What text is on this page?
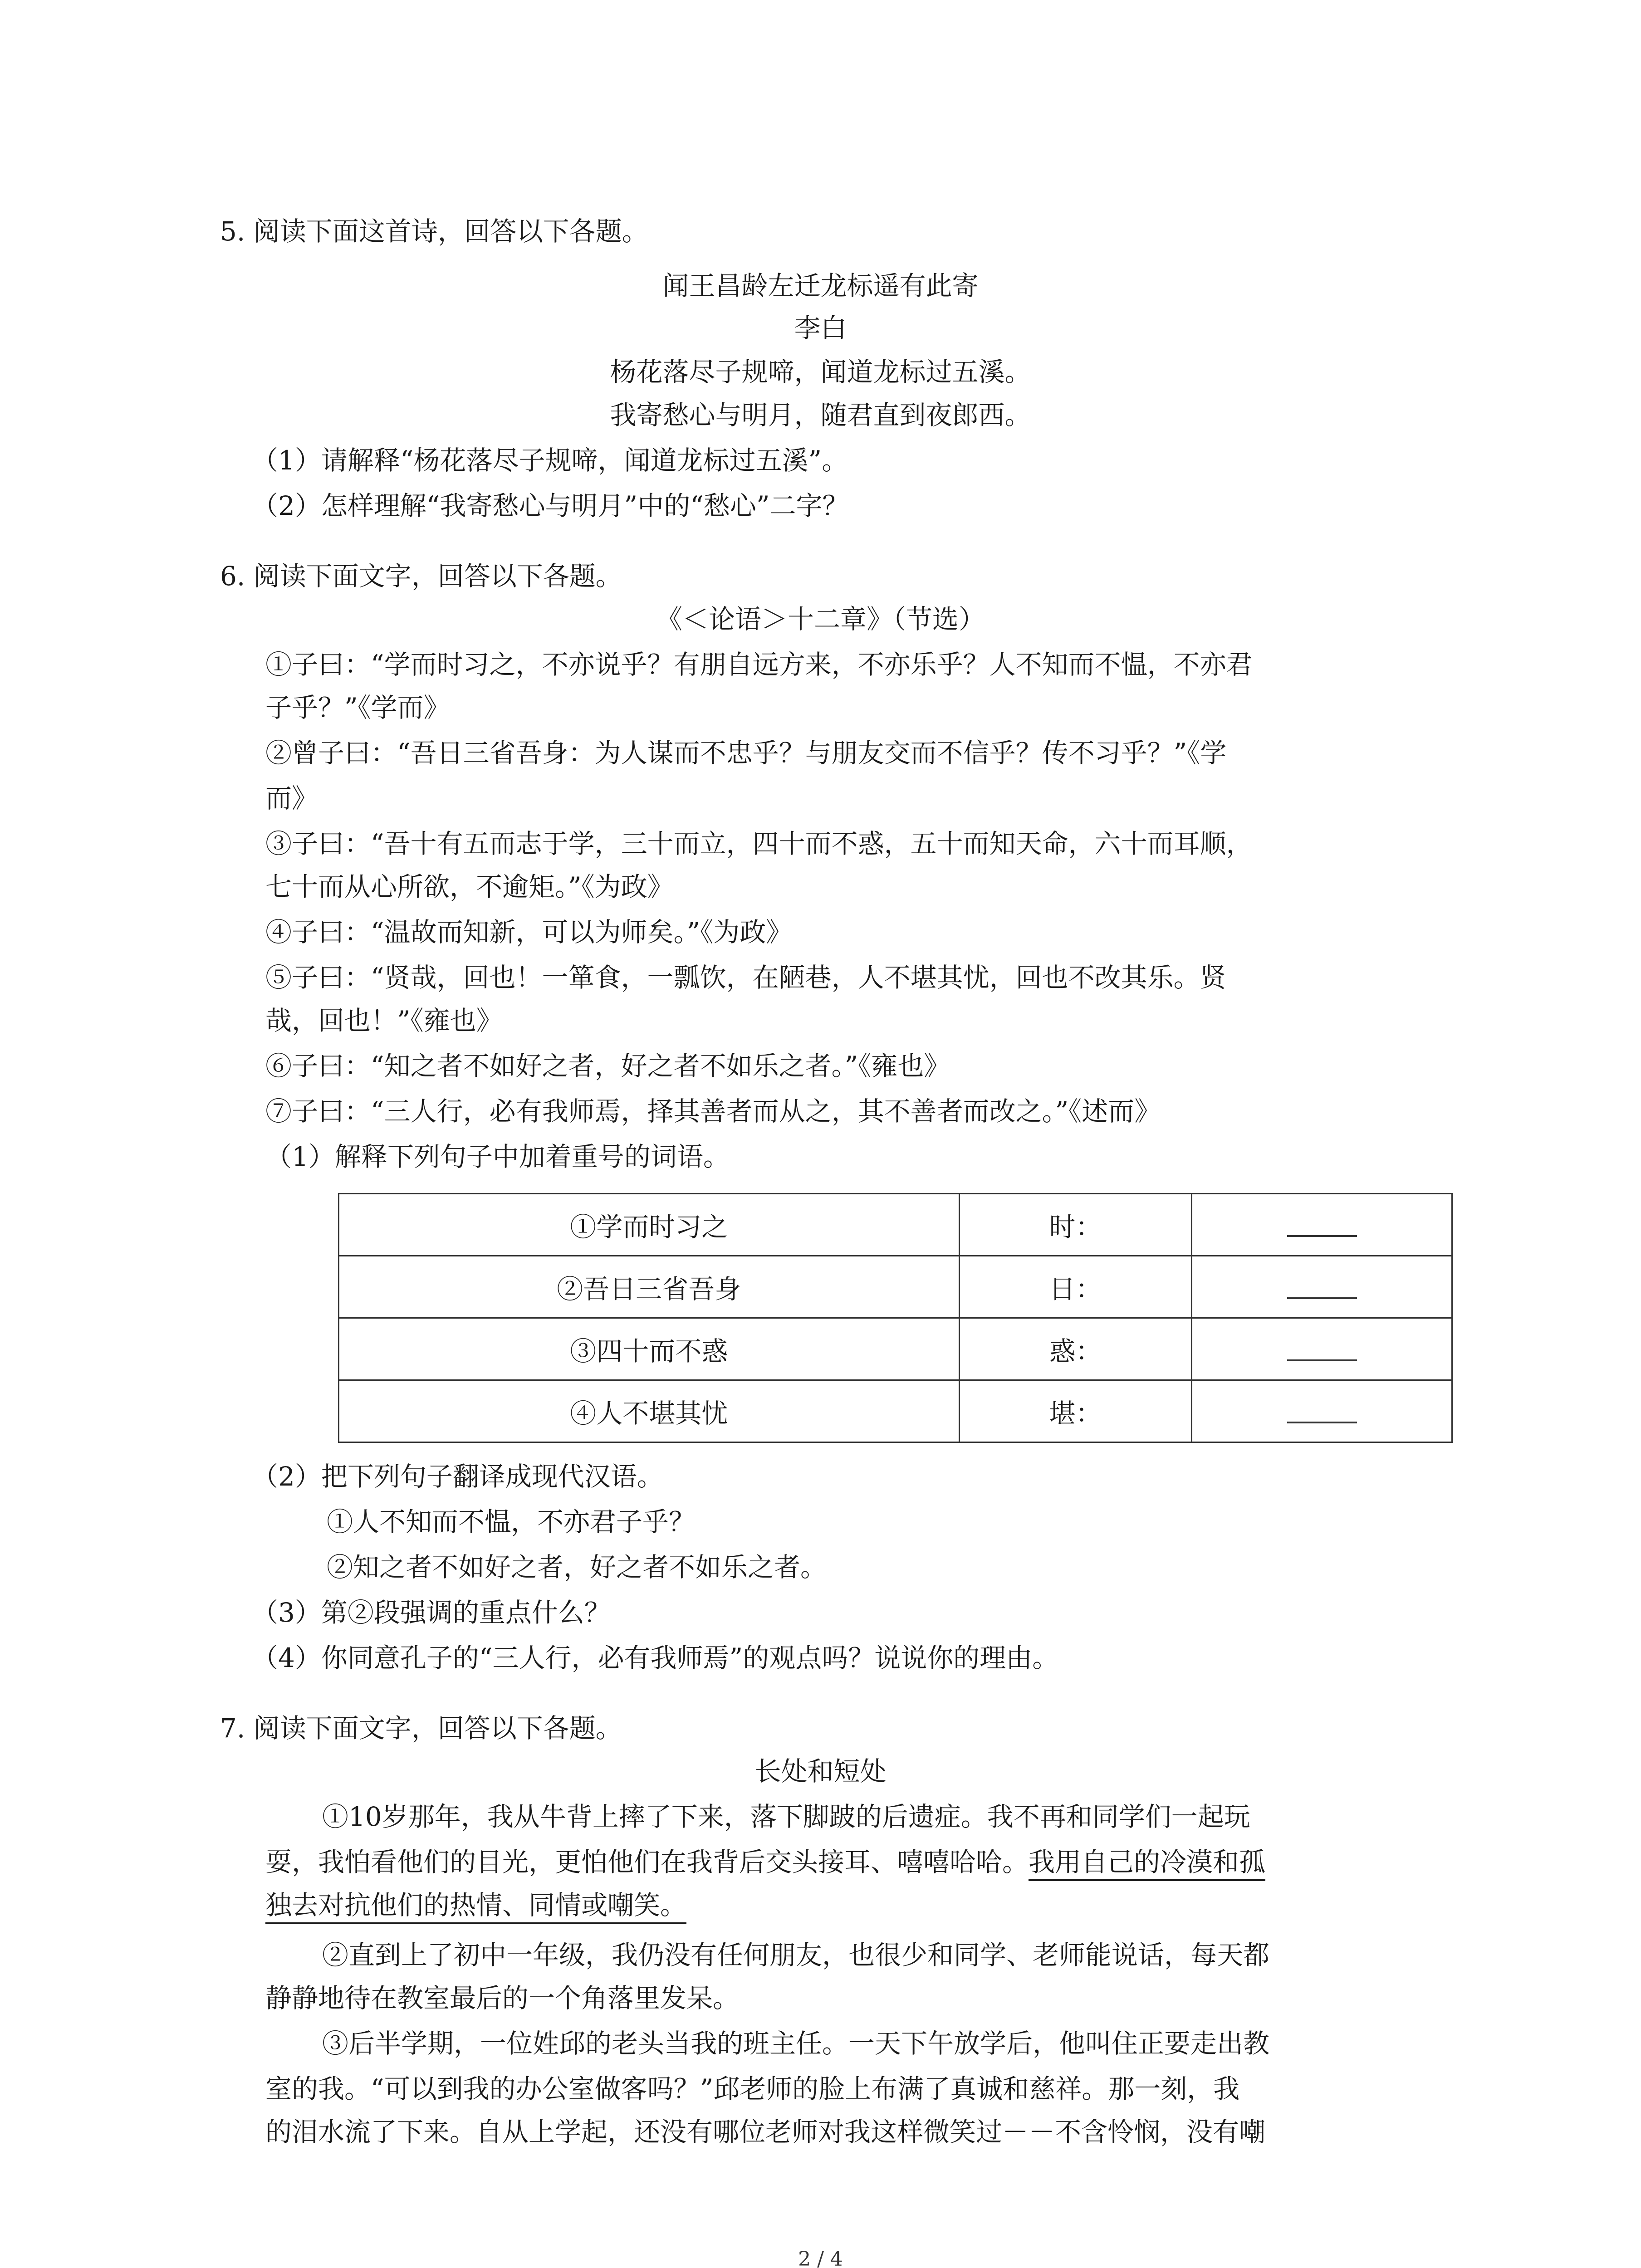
5. 阅读下面这首诗，回答以下各题。
闻王昌龄左迁龙标遥有此寄
李白
杨花落尽子规啼，闻道龙标过五溪。
我寄愁心与明月，随君直到夜郎西。
（1）请解释“杨花落尽子规啼，闻道龙标过五溪”。
（2）怎样理解“我寄愁心与明月”中的“愁心”二字？
6. 阅读下面文字，回答以下各题。
《＜论语＞十二章》（节选）
①子曰：“学而时习之，不亦说乎？有朋自远方来，不亦乐乎？人不知而不愠，不亦君
子乎？”《学而》
②曾子曰：“吾日三省吾身：为人谋而不忠乎？与朋友交而不信乎？传不习乎？”《学
而》
③子曰：“吾十有五而志于学，三十而立，四十而不惑，五十而知天命，六十而耳顺，
七十而从心所欲，不逾矩。”《为政》
④子曰：“温故而知新，可以为师矣。”《为政》
⑤子曰：“贤哉，回也！一箪食，一瓢饮，在陋巷，人不堪其忧，回也不改其乐。贤
哉，回也！”《雍也》
⑥子曰：“知之者不如好之者，好之者不如乐之者。”《雍也》
⑦子曰：“三人行，必有我师焉，择其善者而从之，其不善者而改之。”《述而》
（1）解释下列句子中加着重号的词语。
①学而时习之	时：	
②吾日三省吾身	日：	
③四十而不惑	惑：	
④人不堪其忧	堪：	
（2）把下列句子翻译成现代汉语。
①人不知而不愠，不亦君子乎？
②知之者不如好之者，好之者不如乐之者。
（3）第②段强调的重点什么？
（4）你同意孔子的“三人行，必有我师焉”的观点吗？说说你的理由。
7. 阅读下面文字，回答以下各题。
长处和短处
①10岁那年，我从牛背上摔了下来，落下脚跛的后遗症。我不再和同学们一起玩
耍，我怕看他们的目光，更怕他们在我背后交头接耳、嘻嘻哈哈。我用自己的冷漠和孤
独去对抗他们的热情、同情或嘲笑。
②直到上了初中一年级，我仍没有任何朋友，也很少和同学、老师能说话，每天都
静静地待在教室最后的一个角落里发呆。
③后半学期，一位姓邱的老头当我的班主任。一天下午放学后，他叫住正要走出教
室的我。“可以到我的办公室做客吗？”邱老师的脸上布满了真诚和慈祥。那一刻，我
的泪水流了下来。自从上学起，还没有哪位老师对我这样微笑过－－不含怜悯，没有嘲
2 / 4
